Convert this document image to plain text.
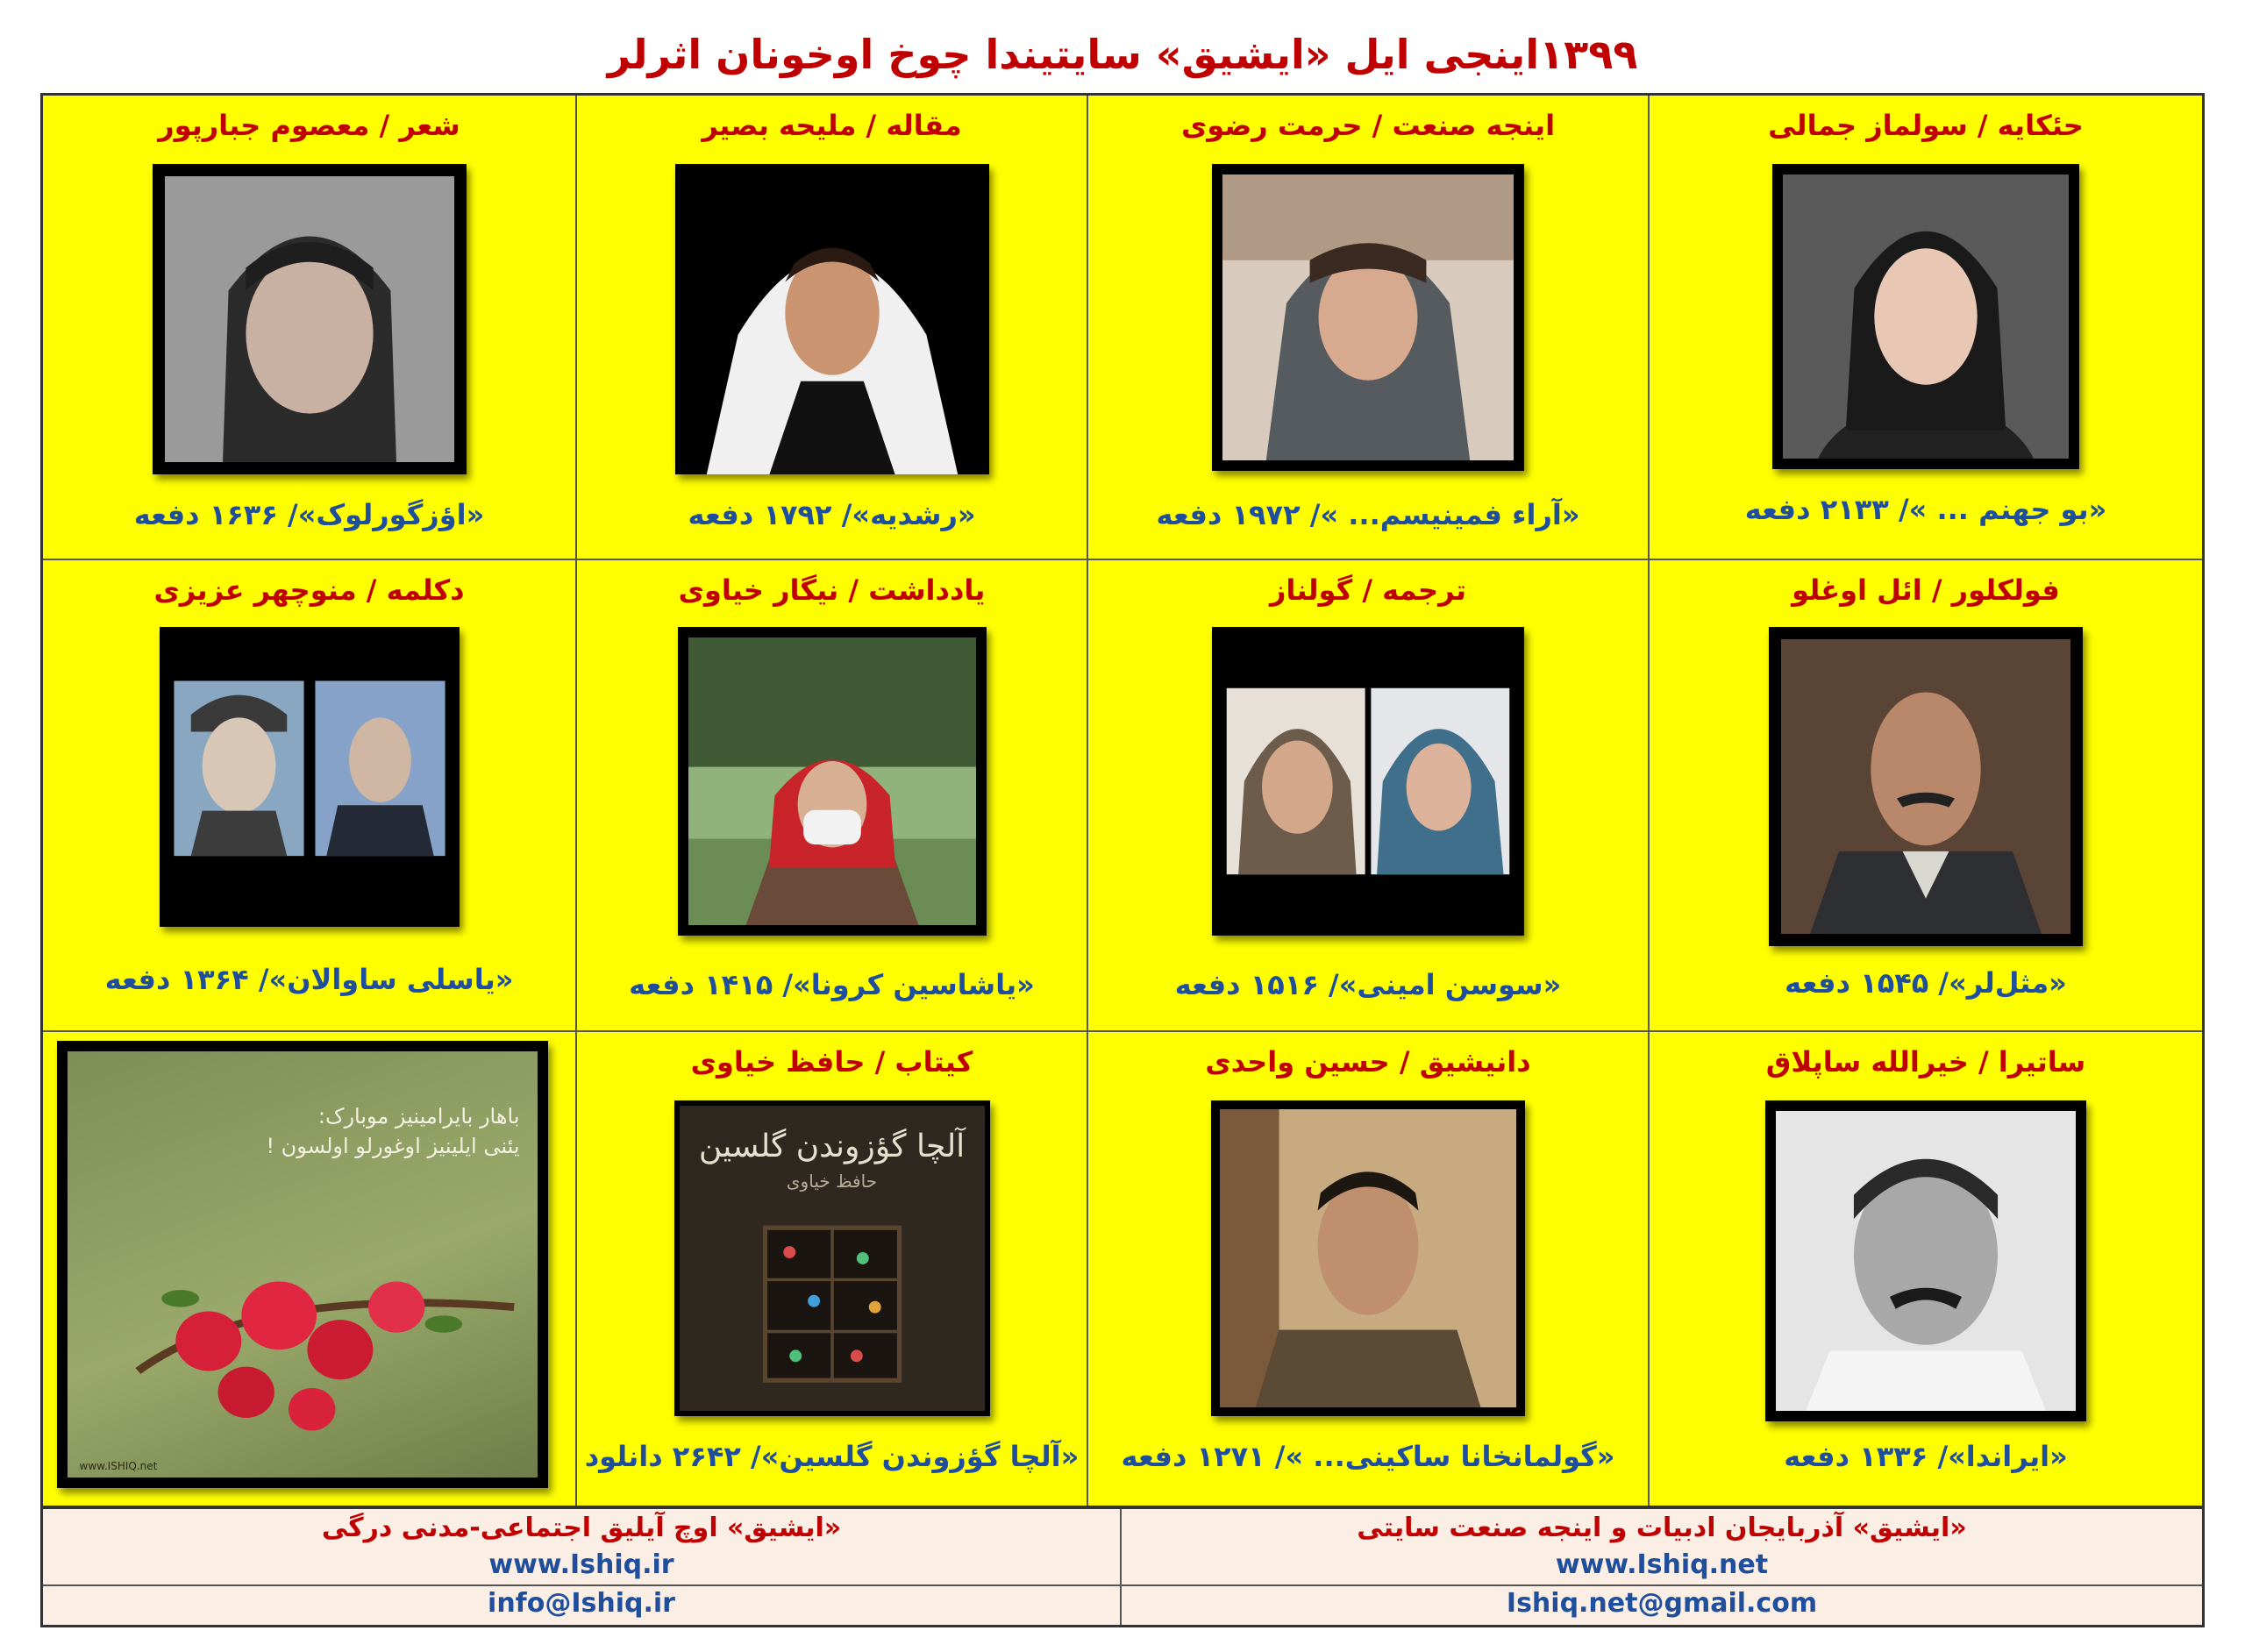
۱۳۹۹اینجی ایل «ایشیق» سایتیندا چوخ اوخونان اثرلر
حئکایه / سولماز جمالی
«بو جهنم ... »/ ۲۱۳۳ دفعه
اینجه صنعت / حرمت رضوی
«آراء فمینیسم... »/ ۱۹۷۲ دفعه
مقاله / ملیحه بصیر
«رشدیه»/ ۱۷۹۲ دفعه
شعر / معصوم جبارپور
«اؤزگورلوک»/ ۱۶۳۶ دفعه
فولکلور / ائل اوغلو
«مثل‌لر»/ ۱۵۴۵ دفعه
ترجمه / گولناز
«سوسن امینی»/ ۱۵۱۶ دفعه
یادداشت / نیگار خیاوی
«یاشاسین کرونا»/ ۱۴۱۵ دفعه
دکلمه / منوچهر عزیزی
«یاسلی ساوالان»/ ۱۳۶۴ دفعه
ساتیرا / خیرالله ساپلاق
«ایراندا»/ ۱۳۳۶ دفعه
دانیشیق / حسین واحدی
«گولمانخانا ساکینی... »/ ۱۲۷۱ دفعه
کیتاب / حافظ خیاوی
آلچا گؤزوندن گلسین
حافظ خیاوی
«آلچا گؤزوندن گلسین»/ ۲۶۴۲ دانلود
باهار بایرامینیز موبارک:
یئنی ایلینیز اوغورلو اولسون !
www.ISHIQ.net
«ایشیق» آذربایجان ادبیات و اینجه صنعت سایتی
www.Ishiq.net
«ایشیق» اوچ آیلیق اجتماعی-مدنی درگی
www.Ishiq.ir
Ishiq.net@gmail.com
info@Ishiq.ir
